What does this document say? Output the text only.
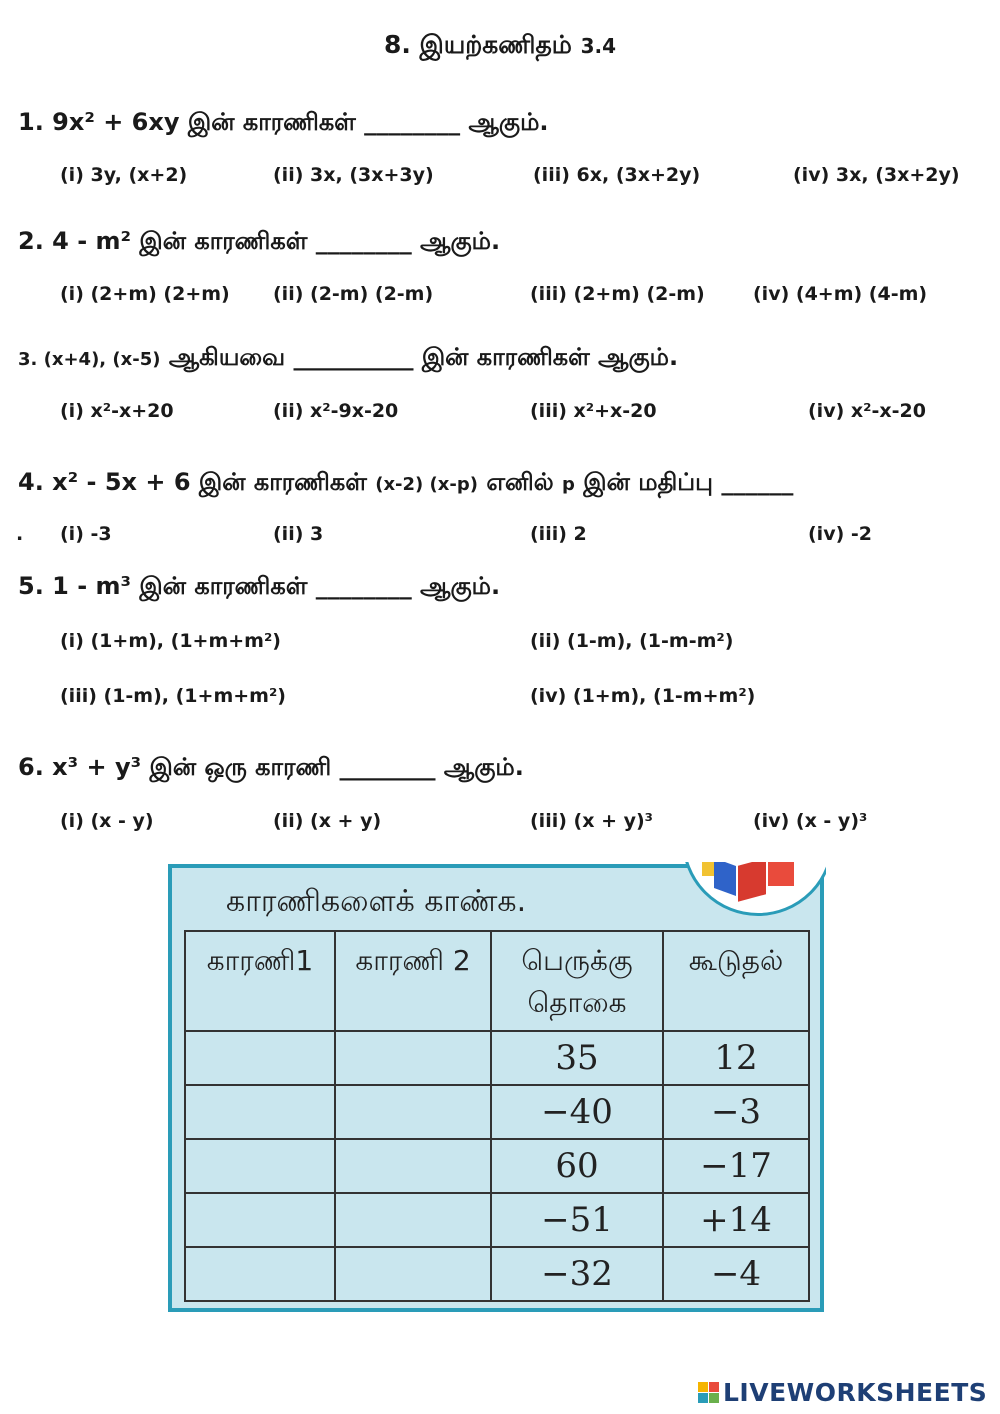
8. இயற்கணிதம் 3.4
1. 9x² + 6xy இன் காரணிகள் ________ ஆகும்.
(i) 3y, (x+2)	(ii) 3x, (3x+3y)	(iii) 6x, (3x+2y)	(iv) 3x, (3x+2y)
2. 4 - m² இன் காரணிகள் ________ ஆகும்.
(i) (2+m) (2+m) (ii) (2-m) (2-m)	(iii) (2+m) (2-m)	(iv) (4+m) (4-m)
3. (x+4), (x-5) ஆகியவை __________ இன் காரணிகள் ஆகும்.
(i) x²-x+20	(ii) x²-9x-20	(iii) x²+x-20	(iv) x²-x-20
4. x² - 5x + 6 இன் காரணிகள் (x-2) (x-p) எனில் p இன் மதிப்பு ______
. (i) -3	(ii) 3	(iii) 2	(iv) -2
5. 1 - m³ இன் காரணிகள் ________ ஆகும்.
(i) (1+m), (1+m+m²)	(ii) (1-m), (1-m-m²)
(iii) (1-m), (1+m+m²)	(iv) (1+m), (1-m+m²)
6. x³ + y³ இன் ஒரு காரணி ________ ஆகும்.
(i) (x - y)	(ii) (x + y)	(iii) (x + y)³	(iv) (x - y)³
காரணிகளைக் காண்க.
காரணி1	காரணி 2	பெருக்கு தொகை	கூடுதல்
		35	12
		−40	−3
		60	−17
		−51	+14
		−32	−4
LIVEWORKSHEETS
